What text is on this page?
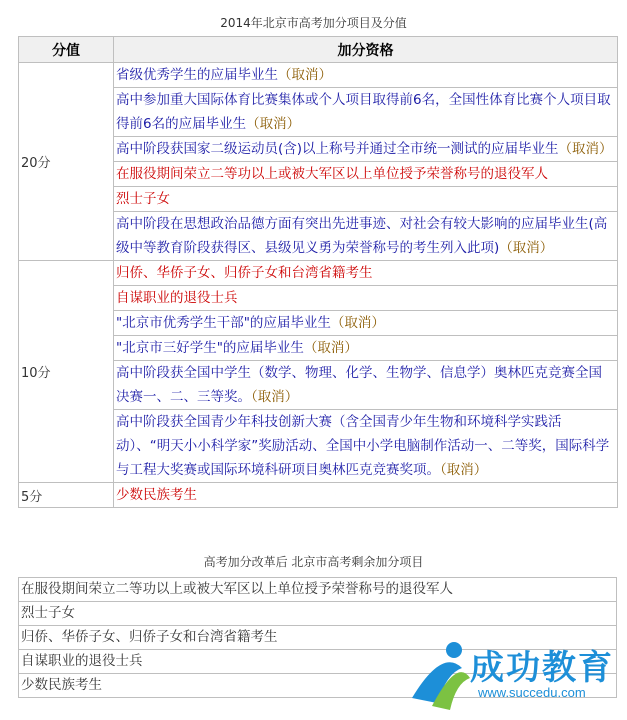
2014年北京市高考加分项目及分值
分值	加分资格
20分	省级优秀学生的应届毕业生（取消）
	高中参加重大国际体育比赛集体或个人项目取得前6名，全国性体育比赛个人项目取得前6名的应届毕业生（取消）
	高中阶段获国家二级运动员(含)以上称号并通过全市统一测试的应届毕业生（取消）
	在服役期间荣立二等功以上或被大军区以上单位授予荣誉称号的退役军人
	烈士子女
	高中阶段在思想政治品德方面有突出先进事迹、对社会有较大影响的应届毕业生(高级中等教育阶段获得区、县级见义勇为荣誉称号的考生列入此项)（取消）
10分	归侨、华侨子女、归侨子女和台湾省籍考生
	自谋职业的退役士兵
	"北京市优秀学生干部"的应届毕业生（取消）
	"北京市三好学生"的应届毕业生（取消）
	高中阶段获全国中学生（数学、物理、化学、生物学、信息学）奥林匹克竞赛全国决赛一、二、三等奖。（取消）
	高中阶段获全国青少年科技创新大赛（含全国青少年生物和环境科学实践活动）、“明天小小科学家”奖励活动、全国中小学电脑制作活动一、二等奖，国际科学与工程大奖赛或国际环境科研项目奥林匹克竞赛奖项。（取消）
5分	少数民族考生
高考加分改革后 北京市高考剩余加分项目
在服役期间荣立二等功以上或被大军区以上单位授予荣誉称号的退役军人
烈士子女
归侨、华侨子女、归侨子女和台湾省籍考生
自谋职业的退役士兵
少数民族考生	成功教育
www.succedu.com
